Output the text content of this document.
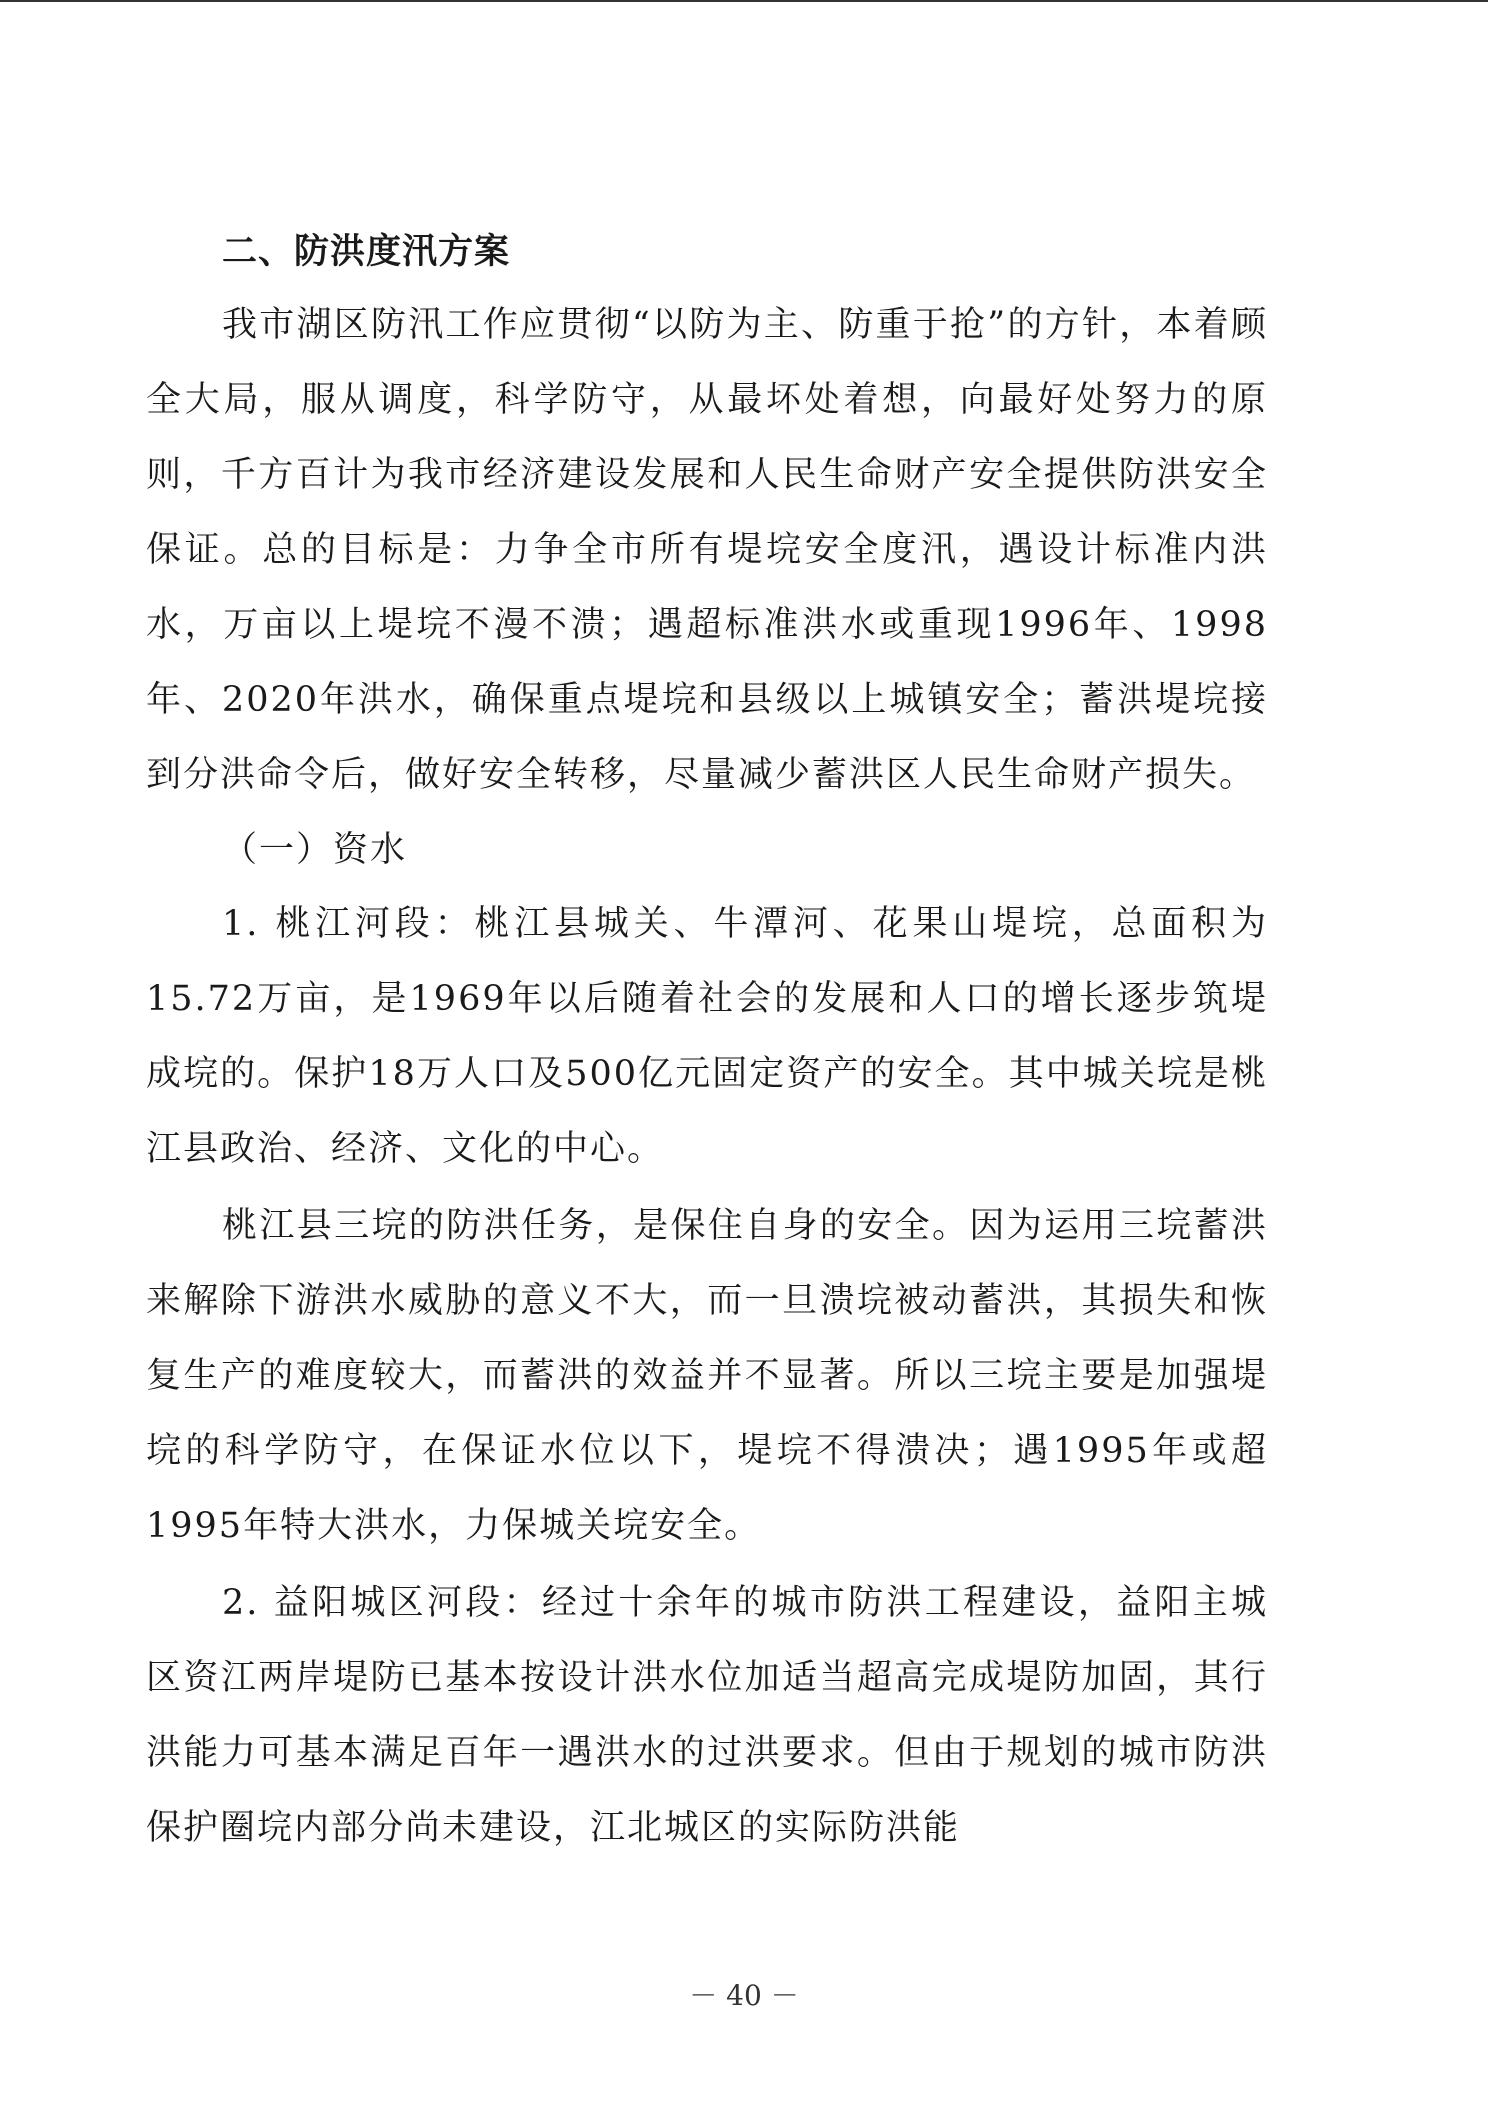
二、防洪度汛方案

我市湖区防汛工作应贯彻“以防为主、防重于抢”的方针，本着顾全大局，服从调度，科学防守，从最坏处着想，向最好处努力的原则，千方百计为我市经济建设发展和人民生命财产安全提供防洪安全保证。总的目标是：力争全市所有堤垸安全度汛，遇设计标准内洪水，万亩以上堤垸不漫不溃；遇超标准洪水或重现1996年、1998年、2020年洪水，确保重点堤垸和县级以上城镇安全；蓄洪堤垸接到分洪命令后，做好安全转移，尽量减少蓄洪区人民生命财产损失。

（一）资水

1. 桃江河段：桃江县城关、牛潭河、花果山堤垸，总面积为15.72万亩，是1969年以后随着社会的发展和人口的增长逐步筑堤成垸的。保护18万人口及500亿元固定资产的安全。其中城关垸是桃江县政治、经济、文化的中心。

桃江县三垸的防洪任务，是保住自身的安全。因为运用三垸蓄洪来解除下游洪水威胁的意义不大，而一旦溃垸被动蓄洪，其损失和恢复生产的难度较大，而蓄洪的效益并不显著。所以三垸主要是加强堤垸的科学防守，在保证水位以下，堤垸不得溃决；遇1995年或超1995年特大洪水，力保城关垸安全。

2. 益阳城区河段：经过十余年的城市防洪工程建设，益阳主城区资江两岸堤防已基本按设计洪水位加适当超高完成堤防加固，其行洪能力可基本满足百年一遇洪水的过洪要求。但由于规划的城市防洪保护圈垸内部分尚未建设，江北城区的实际防洪能

－ 40 －
